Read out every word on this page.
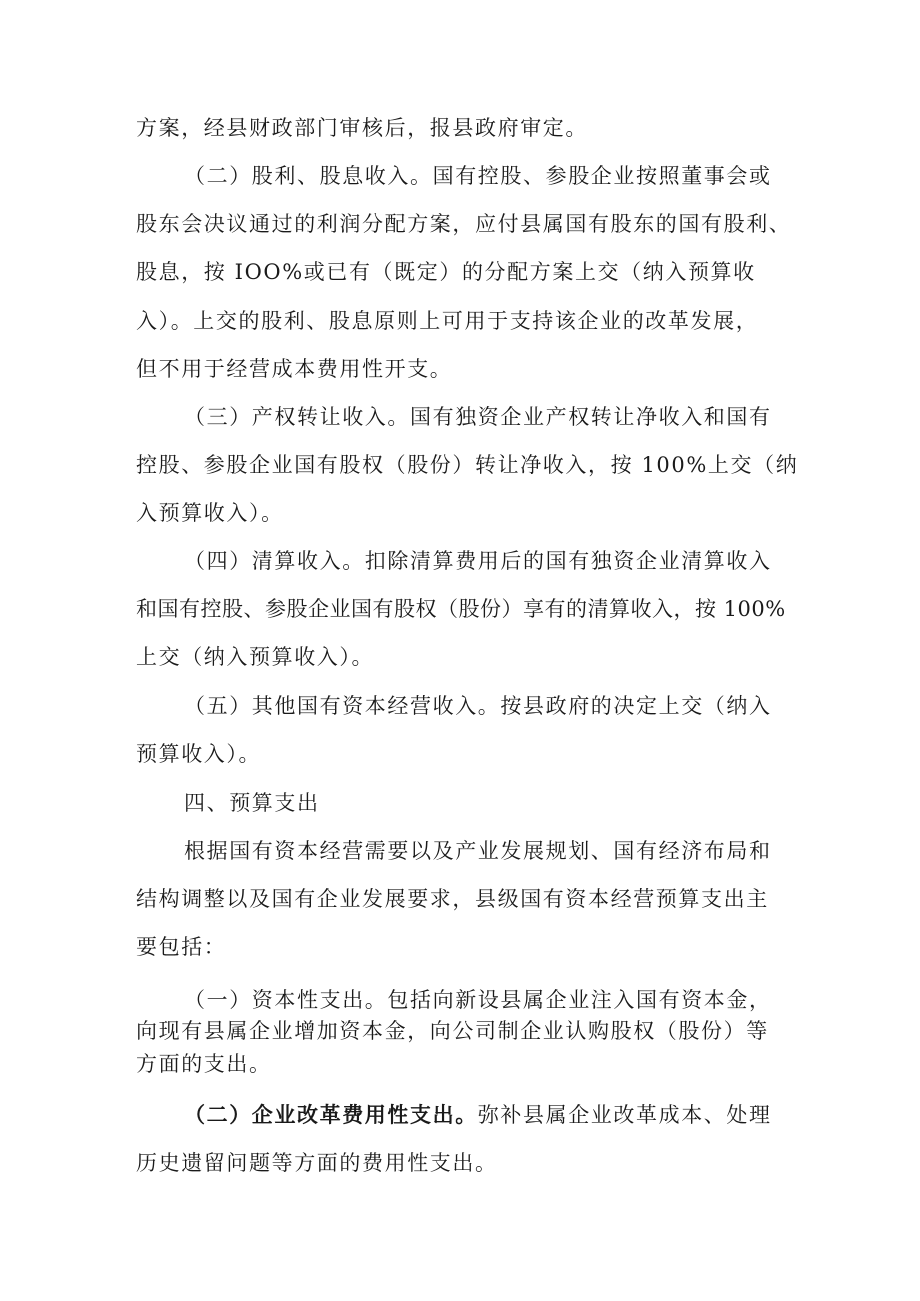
方案，经县财政部门审核后，报县政府审定。
（二）股利、股息收入。国有控股、参股企业按照董事会或
股东会决议通过的利润分配方案，应付县属国有股东的国有股利、
股息，按 IOO%或已有（既定）的分配方案上交（纳入预算收
入）。上交的股利、股息原则上可用于支持该企业的改革发展，
但不用于经营成本费用性开支。
（三）产权转让收入。国有独资企业产权转让净收入和国有
控股、参股企业国有股权（股份）转让净收入，按 100%上交（纳
入预算收入）。
（四）清算收入。扣除清算费用后的国有独资企业清算收入
和国有控股、参股企业国有股权（股份）享有的清算收入，按 100%
上交（纳入预算收入）。
（五）其他国有资本经营收入。按县政府的决定上交（纳入
预算收入）。
四、预算支出
根据国有资本经营需要以及产业发展规划、国有经济布局和
结构调整以及国有企业发展要求，县级国有资本经营预算支出主
要包括：
（一）资本性支出。包括向新设县属企业注入国有资本金，
向现有县属企业增加资本金，向公司制企业认购股权（股份）等
方面的支出。
（二）企业改革费用性支出。弥补县属企业改革成本、处理
历史遗留问题等方面的费用性支出。
